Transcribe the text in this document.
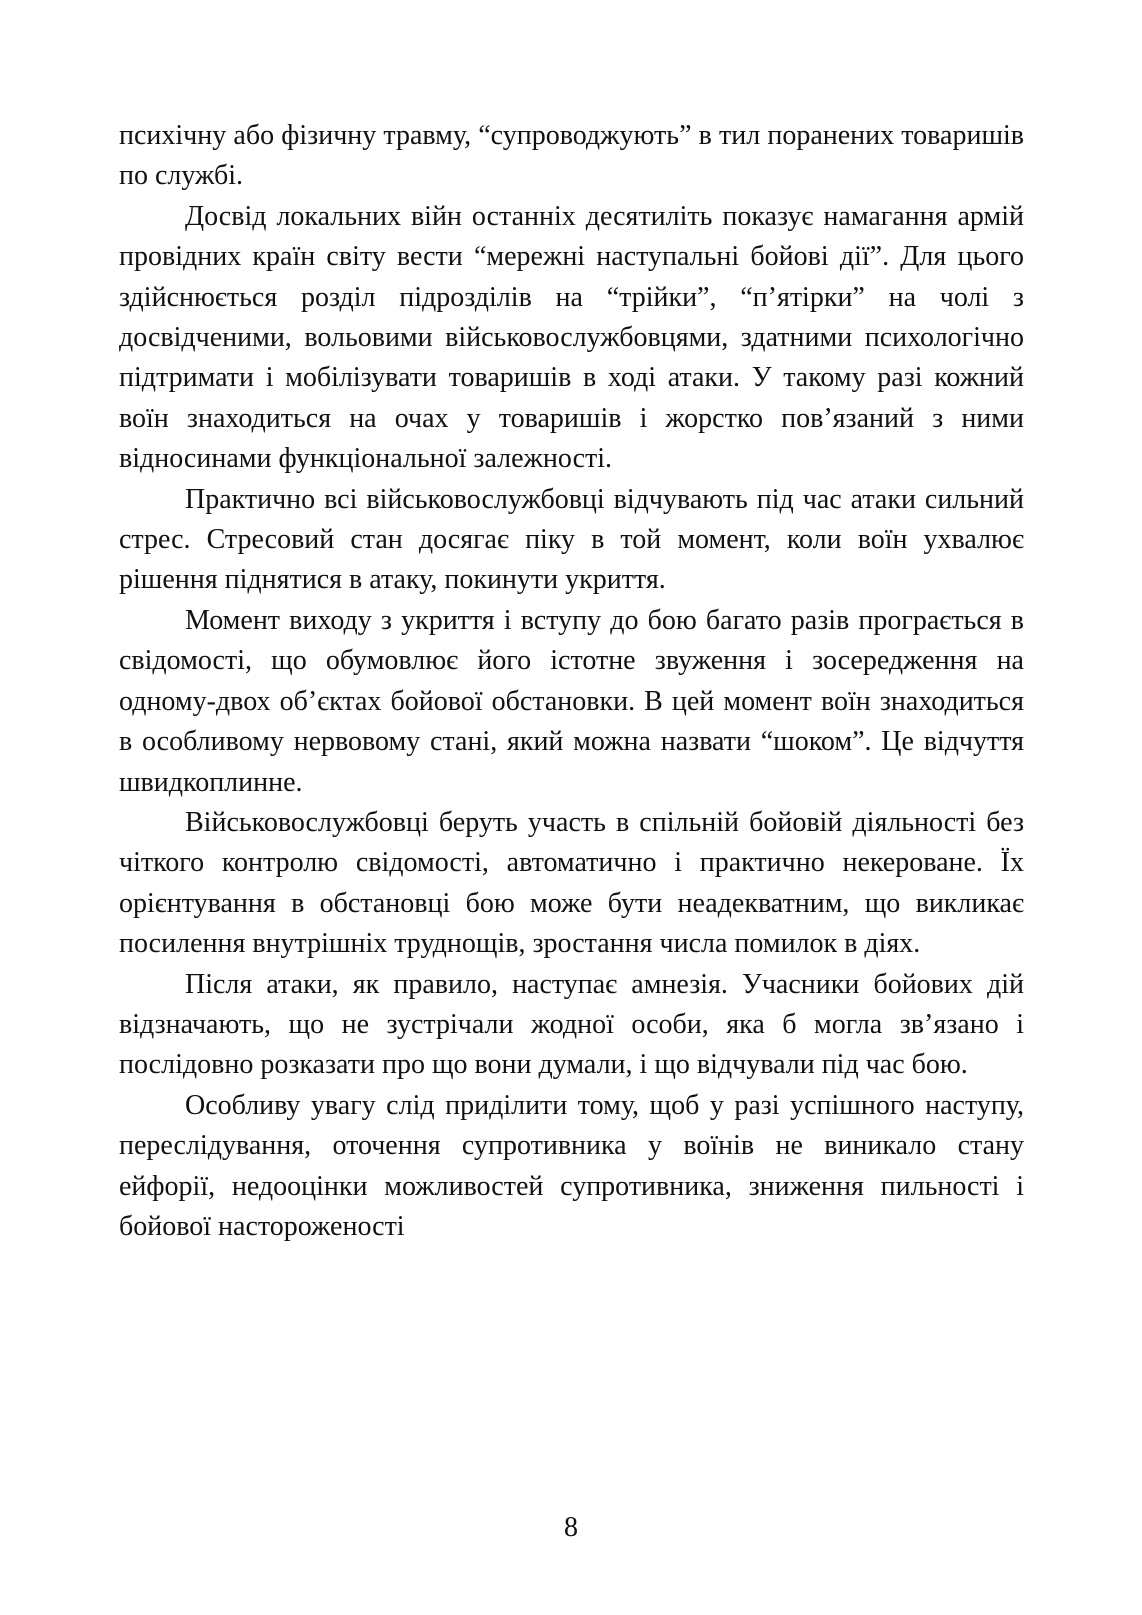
психічну або фізичну травму, “супроводжують” в тил поранених товаришів по службі.

Досвід локальних війн останніх десятиліть показує намагання армій провідних країн світу вести “мережні наступальні бойові дії”. Для цього здійснюється розділ підрозділів на “трійки”, “п’ятірки” на чолі з досвідченими, вольовими військовослужбовцями, здатними психологічно підтримати і мобілізувати товаришів в ході атаки. У такому разі кожний воїн знаходиться на очах у товаришів і жорстко пов’язаний з ними відносинами функціональної залежності.

Практично всі військовослужбовці відчувають під час атаки сильний стрес. Стресовий стан досягає піку в той момент, коли воїн ухвалює рішення піднятися в атаку, покинути укриття.

Момент виходу з укриття і вступу до бою багато разів програється в свідомості, що обумовлює його істотне звуження і зосередження на одному-двох об’єктах бойової обстановки. В цей момент воїн знаходиться в особливому нервовому стані, який можна назвати “шоком”. Це відчуття швидкоплинне.

Військовослужбовці беруть участь в спільній бойовій діяльності без чіткого контролю свідомості, автоматично і практично некероване. Їх орієнтування в обстановці бою може бути неадекватним, що викликає посилення внутрішніх труднощів, зростання числа помилок в діях.

Після атаки, як правило, наступає амнезія. Учасники бойових дій відзначають, що не зустрічали жодної особи, яка б могла зв’язано і послідовно розказати про що вони думали, і що відчували під час бою.

Особливу увагу слід приділити тому, щоб у разі успішного наступу, переслідування, оточення супротивника у воїнів не виникало стану ейфорії, недооцінки можливостей супротивника, зниження пильності і бойової настороженості

8
